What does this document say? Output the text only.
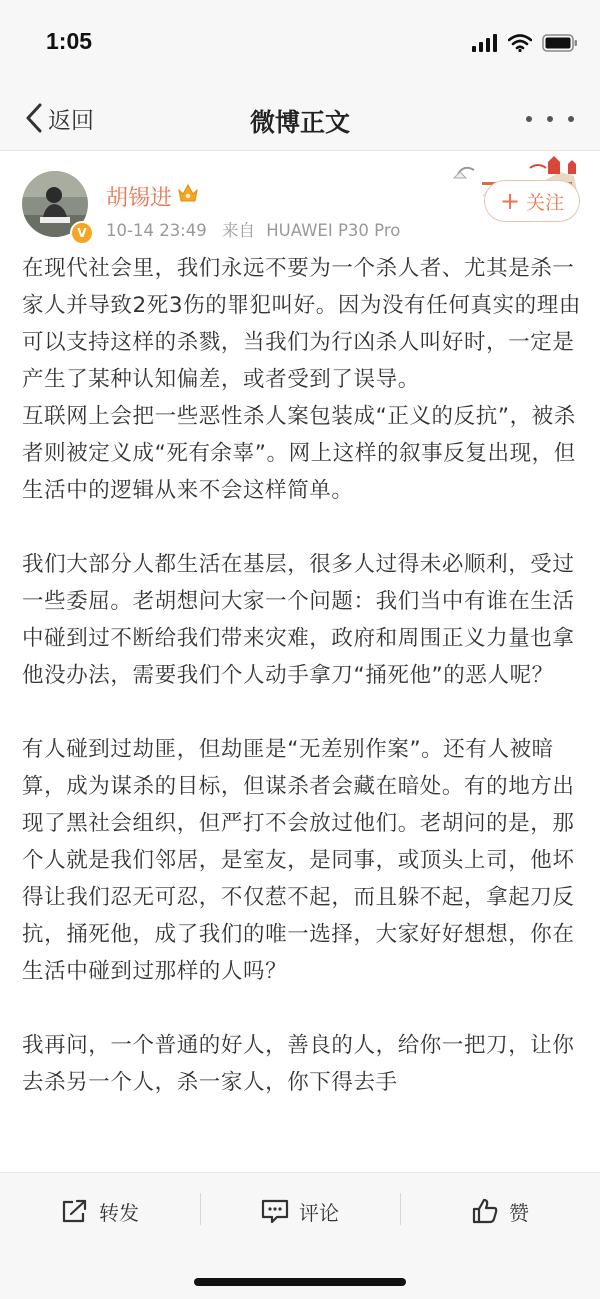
1:05
返回	微博正文
V
胡锡进
10-14 23:49 来自 HUAWEI P30 Pro
+ 关注

在现代社会里，我们永远不要为一个杀人者、尤其是杀一家人并导致2死3伤的罪犯叫好。因为没有任何真实的理由可以支持这样的杀戮，当我们为行凶杀人叫好时，一定是产生了某种认知偏差，或者受到了误导。

互联网上会把一些恶性杀人案包装成“正义的反抗”，被杀者则被定义成“死有余辜”。网上这样的叙事反复出现，但生活中的逻辑从来不会这样简单。

我们大部分人都生活在基层，很多人过得未必顺利，受过一些委屈。老胡想问大家一个问题：我们当中有谁在生活中碰到过不断给我们带来灾难，政府和周围正义力量也拿他没办法，需要我们个人动手拿刀“捅死他”的恶人呢？

有人碰到过劫匪，但劫匪是“无差别作案”。还有人被暗算，成为谋杀的目标，但谋杀者会藏在暗处。有的地方出现了黑社会组织，但严打不会放过他们。老胡问的是，那个人就是我们邻居，是室友，是同事，或顶头上司，他坏得让我们忍无可忍，不仅惹不起，而且躲不起，拿起刀反抗，捅死他，成了我们的唯一选择，大家好好想想，你在生活中碰到过那样的人吗？

我再问，一个普通的好人，善良的人，给你一把刀，让你去杀另一个人，杀一家人，你下得去手

转发	评论	赞
